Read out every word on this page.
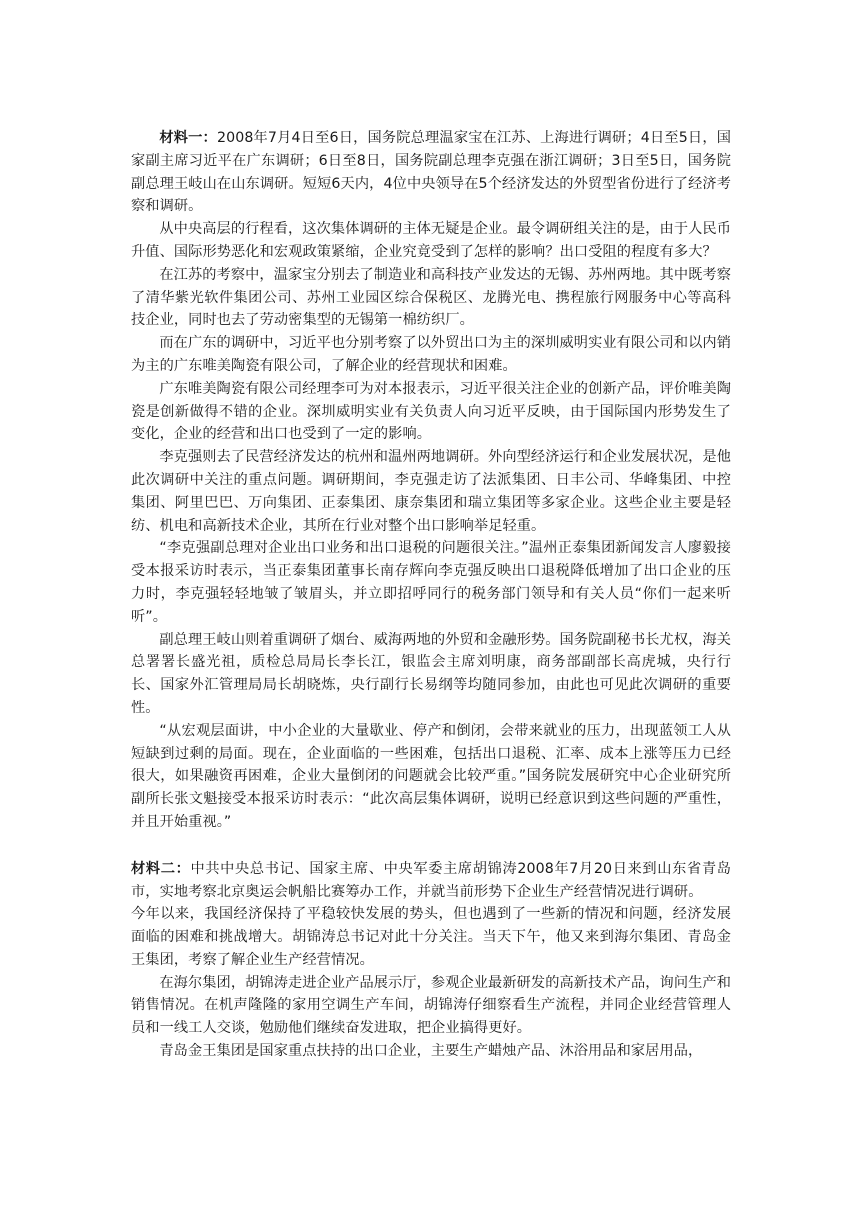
材料一：2008年7月4日至6日，国务院总理温家宝在江苏、上海进行调研；4日至5日，国家副主席习近平在广东调研；6日至8日，国务院副总理李克强在浙江调研；3日至5日，国务院副总理王岐山在山东调研。短短6天内，4位中央领导在5个经济发达的外贸型省份进行了经济考察和调研。

从中央高层的行程看，这次集体调研的主体无疑是企业。最令调研组关注的是，由于人民币升值、国际形势恶化和宏观政策紧缩，企业究竟受到了怎样的影响？出口受阻的程度有多大？

在江苏的考察中，温家宝分别去了制造业和高科技产业发达的无锡、苏州两地。其中既考察了清华紫光软件集团公司、苏州工业园区综合保税区、龙腾光电、携程旅行网服务中心等高科技企业，同时也去了劳动密集型的无锡第一棉纺织厂。

而在广东的调研中，习近平也分别考察了以外贸出口为主的深圳威明实业有限公司和以内销为主的广东唯美陶瓷有限公司，了解企业的经营现状和困难。

广东唯美陶瓷有限公司经理李可为对本报表示，习近平很关注企业的创新产品，评价唯美陶瓷是创新做得不错的企业。深圳威明实业有关负责人向习近平反映，由于国际国内形势发生了变化，企业的经营和出口也受到了一定的影响。

李克强则去了民营经济发达的杭州和温州两地调研。外向型经济运行和企业发展状况，是他此次调研中关注的重点问题。调研期间，李克强走访了法派集团、日丰公司、华峰集团、中控集团、阿里巴巴、万向集团、正泰集团、康奈集团和瑞立集团等多家企业。这些企业主要是轻纺、机电和高新技术企业，其所在行业对整个出口影响举足轻重。

“李克强副总理对企业出口业务和出口退税的问题很关注。”温州正泰集团新闻发言人廖毅接受本报采访时表示，当正泰集团董事长南存辉向李克强反映出口退税降低增加了出口企业的压力时，李克强轻轻地皱了皱眉头，并立即招呼同行的税务部门领导和有关人员“你们一起来听听”。

副总理王岐山则着重调研了烟台、威海两地的外贸和金融形势。国务院副秘书长尤权，海关总署署长盛光祖，质检总局局长李长江，银监会主席刘明康，商务部副部长高虎城，央行行长、国家外汇管理局局长胡晓炼，央行副行长易纲等均随同参加，由此也可见此次调研的重要性。

“从宏观层面讲，中小企业的大量歇业、停产和倒闭，会带来就业的压力，出现蓝领工人从短缺到过剩的局面。现在，企业面临的一些困难，包括出口退税、汇率、成本上涨等压力已经很大，如果融资再困难，企业大量倒闭的问题就会比较严重。”国务院发展研究中心企业研究所副所长张文魁接受本报采访时表示：“此次高层集体调研，说明已经意识到这些问题的严重性，并且开始重视。”

材料二：中共中央总书记、国家主席、中央军委主席胡锦涛2008年7月20日来到山东省青岛市，实地考察北京奥运会帆船比赛筹办工作，并就当前形势下企业生产经营情况进行调研。

今年以来，我国经济保持了平稳较快发展的势头，但也遇到了一些新的情况和问题，经济发展面临的困难和挑战增大。胡锦涛总书记对此十分关注。当天下午，他又来到海尔集团、青岛金王集团，考察了解企业生产经营情况。

在海尔集团，胡锦涛走进企业产品展示厅，参观企业最新研发的高新技术产品，询问生产和销售情况。在机声隆隆的家用空调生产车间，胡锦涛仔细察看生产流程，并同企业经营管理人员和一线工人交谈，勉励他们继续奋发进取，把企业搞得更好。

青岛金王集团是国家重点扶持的出口企业，主要生产蜡烛产品、沐浴用品和家居用品，
